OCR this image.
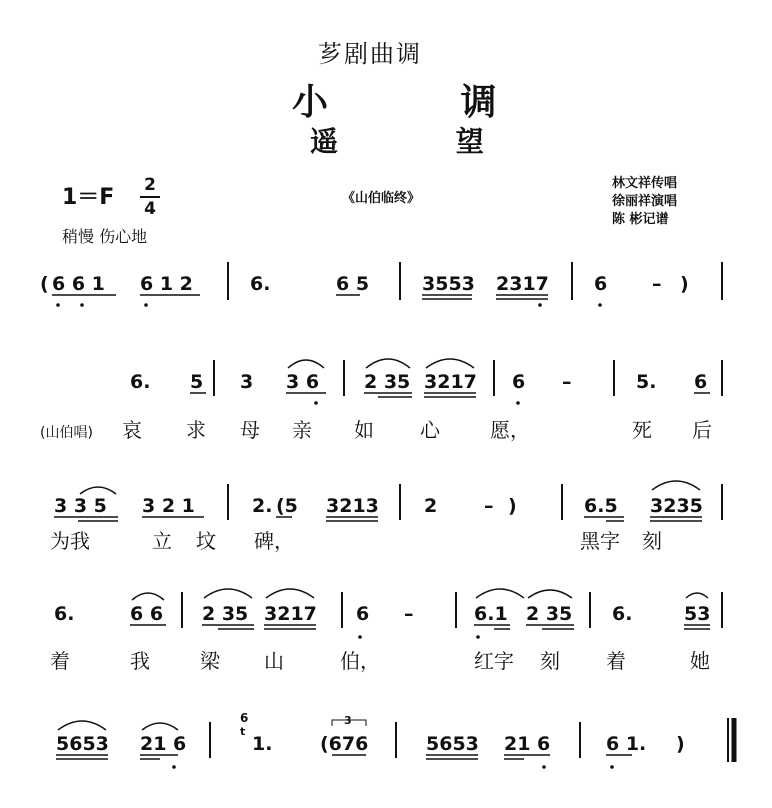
芗剧曲调
小 调
遥 望
1＝F 2
4
《山伯临终》
林文祥传唱
徐丽祥演唱
陈 彬记谱
稍慢 伤心地
( 6 6 1 6 1 2	6.	6 5	3553 2317 6 – )
6. 5 3 3 6 2 35 3217 6 –	5. 6
(山伯唱) 哀 求 母 亲 如 心	愿，	死 后
3 3 5 3 2 1	2. (5 3213 2 – )	6.5 3235
为我	立 坟 碑，	黑字 刻
6.	6 6 2 35 3217 6 –	6.1 2 35 6.	53
着	我	梁 山	伯，	红字 刻 着	她
5653 21 6
6
t
1.	(676	5653 21 6	6 1. )
3
